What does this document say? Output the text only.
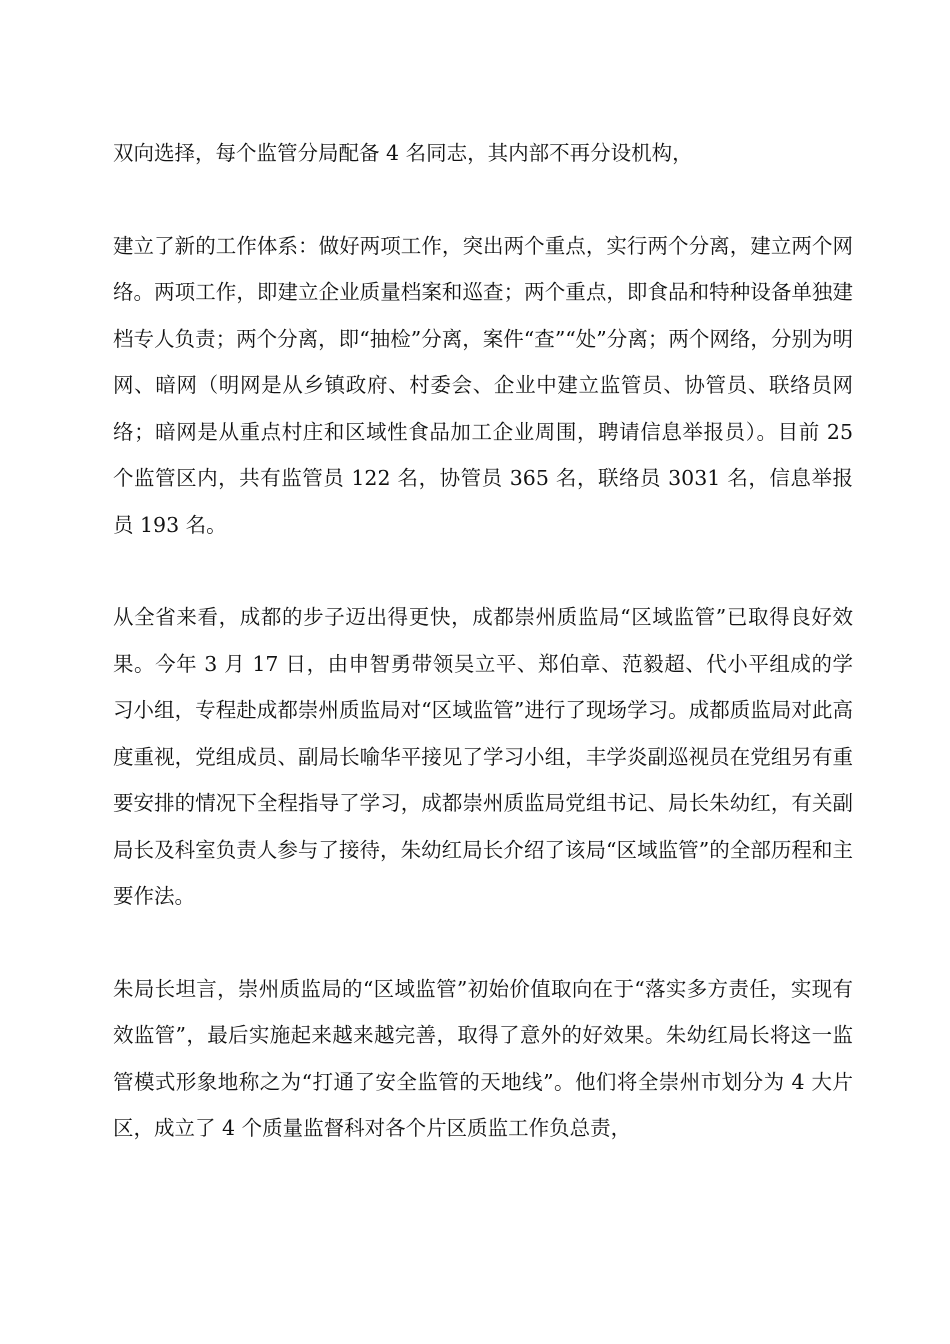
双向选择，每个监管分局配备 4 名同志，其内部不再分设机构，

建立了新的工作体系：做好两项工作，突出两个重点，实行两个分离，建立两个网络。两项工作，即建立企业质量档案和巡查；两个重点，即食品和特种设备单独建档专人负责；两个分离，即“抽检”分离，案件“查”“处”分离；两个网络，分别为明网、暗网（明网是从乡镇政府、村委会、企业中建立监管员、协管员、联络员网络；暗网是从重点村庄和区域性食品加工企业周围，聘请信息举报员）。目前 25 个监管区内，共有监管员 122 名，协管员 365 名，联络员 3031 名，信息举报员 193 名。

从全省来看，成都的步子迈出得更快，成都崇州质监局“区域监管”已取得良好效果。今年 3 月 17 日，由申智勇带领吴立平、郑伯章、范毅超、代小平组成的学习小组，专程赴成都崇州质监局对“区域监管”进行了现场学习。成都质监局对此高度重视，党组成员、副局长喻华平接见了学习小组，丰学炎副巡视员在党组另有重要安排的情况下全程指导了学习，成都崇州质监局党组书记、局长朱幼红，有关副局长及科室负责人参与了接待，朱幼红局长介绍了该局“区域监管”的全部历程和主要作法。

朱局长坦言，崇州质监局的“区域监管”初始价值取向在于“落实多方责任，实现有效监管”，最后实施起来越来越完善，取得了意外的好效果。朱幼红局长将这一监管模式形象地称之为“打通了安全监管的天地线”。他们将全崇州市划分为 4 大片区，成立了 4 个质量监督科对各个片区质监工作负总责，
